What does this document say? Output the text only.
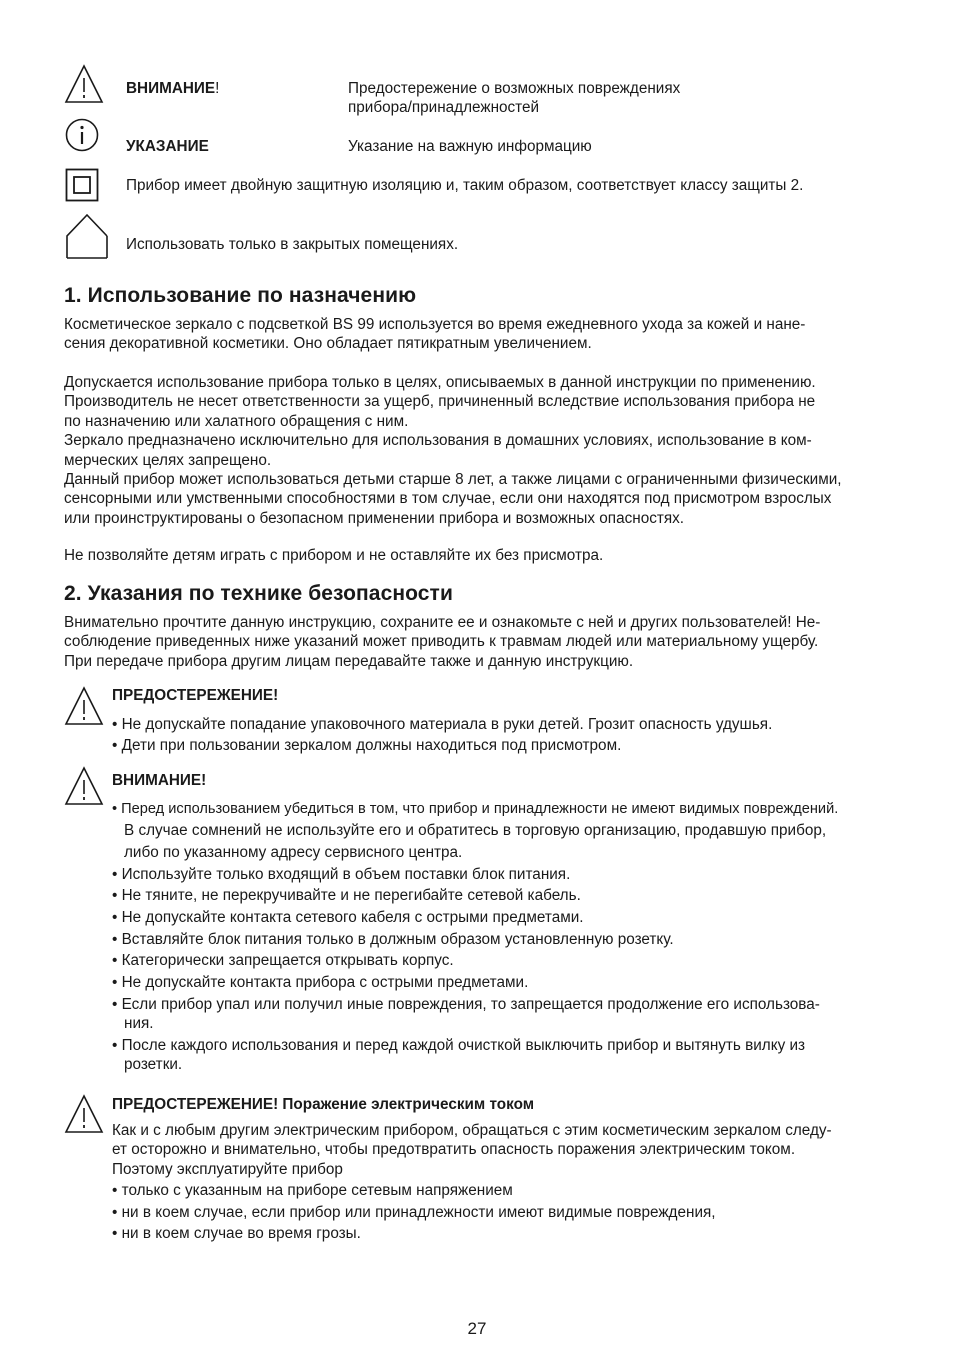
ВНИМАНИЕ!	Предостережение о возможных повреждениях
прибора/принадлежностей
УКАЗАНИЕ	Указание на важную информацию
Прибор имеет двойную защитную изоляцию и, таким образом, соответствует классу защиты 2.
Использовать только в закрытых помещениях.
1. Использование по назначению
Косметическое зеркало с подсветкой BS 99 используется во время ежедневного ухода за кожей и нане-
сения декоративной косметики. Оно обладает пятикратным увеличением.
Допускается использование прибора только в целях, описываемых в данной инструкции по применению.
Производитель не несет ответственности за ущерб, причиненный вследствие использования прибора не
по назначению или халатного обращения с ним.
Зеркало предназначено исключительно для использования в домашних условиях, использование в ком-
мерческих целях запрещено.
Данный прибор может использоваться детьми старше 8 лет, а также лицами с ограниченными физическими,
сенсорными или умственными способностями в том случае, если они находятся под присмотром взрослых
или проинструктированы о безопасном применении прибора и возможных опасностях.
Не позволяйте детям играть с прибором и не оставляйте их без присмотра.
2. Указания по технике безопасности
Внимательно прочтите данную инструкцию, сохраните ее и ознакомьте с ней и других пользователей! Не-
соблюдение приведенных ниже указаний может приводить к травмам людей или материальному ущербу.
При передаче прибора другим лицам передавайте также и данную инструкцию.
ПРЕДОСТЕРЕЖЕНИЕ!
• Не допускайте попадание упаковочного материала в руки детей. Грозит опасность удушья.
• Дети при пользовании зеркалом должны находиться под присмотром.
ВНИМАНИЕ!
• Перед использованием убедиться в том, что прибор и принадлежности не имеют видимых повреждений.
В случае сомнений не используйте его и обратитесь в торговую организацию, продавшую прибор,
либо по указанному адресу сервисного центра.
• Используйте только входящий в объем поставки блок питания.
• Не тяните, не перекручивайте и не перегибайте сетевой кабель.
• Не допускайте контакта сетевого кабеля с острыми предметами.
• Вставляйте блок питания только в должным образом установленную розетку.
• Категорически запрещается открывать корпус.
• Не допускайте контакта прибора с острыми предметами.
• Если прибор упал или получил иные повреждения, то запрещается продолжение его использова-
ния.
• После каждого использования и перед каждой очисткой выключить прибор и вытянуть вилку из
розетки.
ПРЕДОСТЕРЕЖЕНИЕ! Поражение электрическим током
Как и с любым другим электрическим прибором, обращаться с этим косметическим зеркалом следу-
ет осторожно и внимательно, чтобы предотвратить опасность поражения электрическим током.
Поэтому эксплуатируйте прибор
• только с указанным на приборе сетевым напряжением
• ни в коем случае, если прибор или принадлежности имеют видимые повреждения,
• ни в коем случае во время грозы.
27
